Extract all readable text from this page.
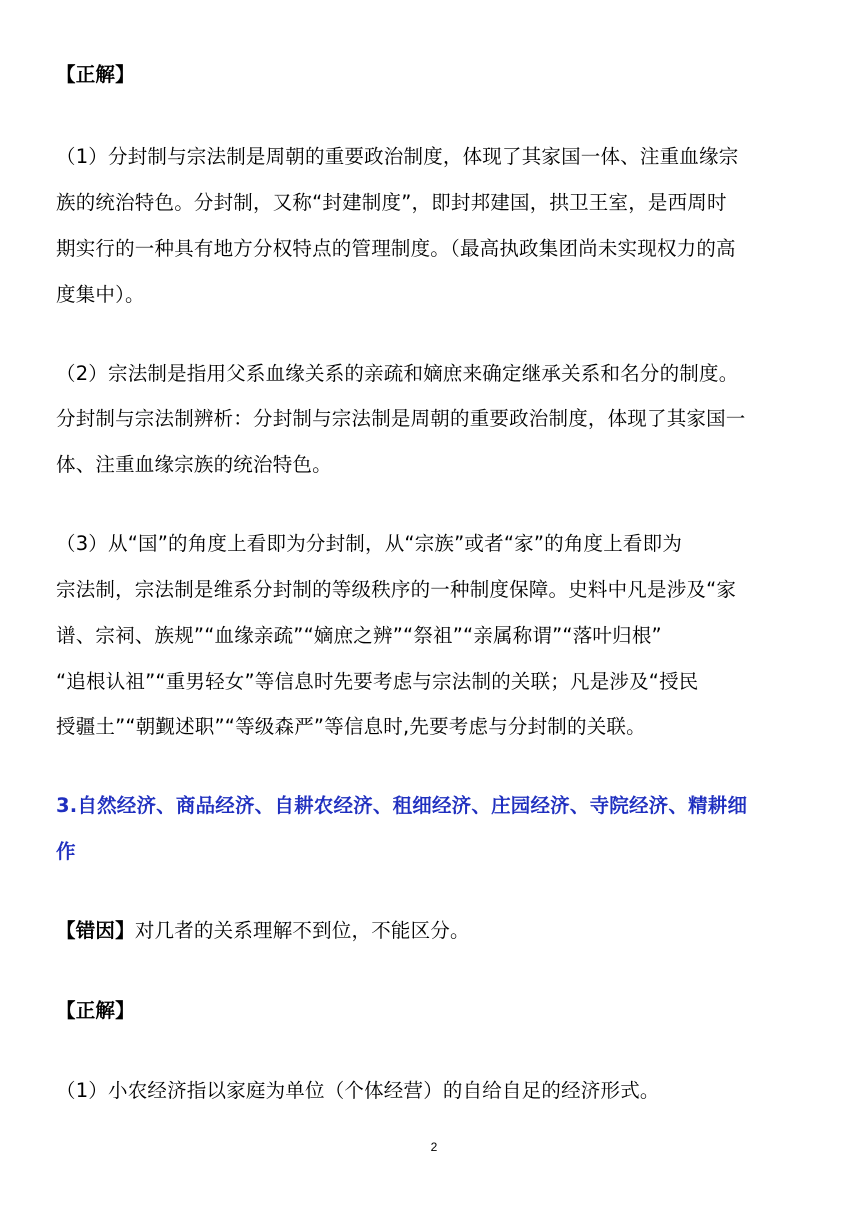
【正解】
（1）分封制与宗法制是周朝的重要政治制度，体现了其家国一体、注重血缘宗
族的统治特色。分封制，又称“封建制度”，即封邦建国，拱卫王室，是西周时
期实行的一种具有地方分权特点的管理制度。（最高执政集团尚未实现权力的高
度集中）。
（2）宗法制是指用父系血缘关系的亲疏和嫡庶来确定继承关系和名分的制度。
分封制与宗法制辨析：分封制与宗法制是周朝的重要政治制度，体现了其家国一
体、注重血缘宗族的统治特色。
（3）从“国”的角度上看即为分封制，从“宗族”或者“家”的角度上看即为
宗法制，宗法制是维系分封制的等级秩序的一种制度保障。史料中凡是涉及“家
谱、宗祠、族规”“血缘亲疏”“嫡庶之辨”“祭祖”“亲属称谓”“落叶归根”
“追根认祖”“重男轻女”等信息时先要考虑与宗法制的关联；凡是涉及“授民
授疆土”“朝觐述职”“等级森严”等信息时,先要考虑与分封制的关联。
3.自然经济、商品经济、自耕农经济、租细经济、庄园经济、寺院经济、精耕细
作
【错因】对几者的关系理解不到位，不能区分。
【正解】
（1）小农经济指以家庭为单位（个体经营）的自给自足的经济形式。
2
